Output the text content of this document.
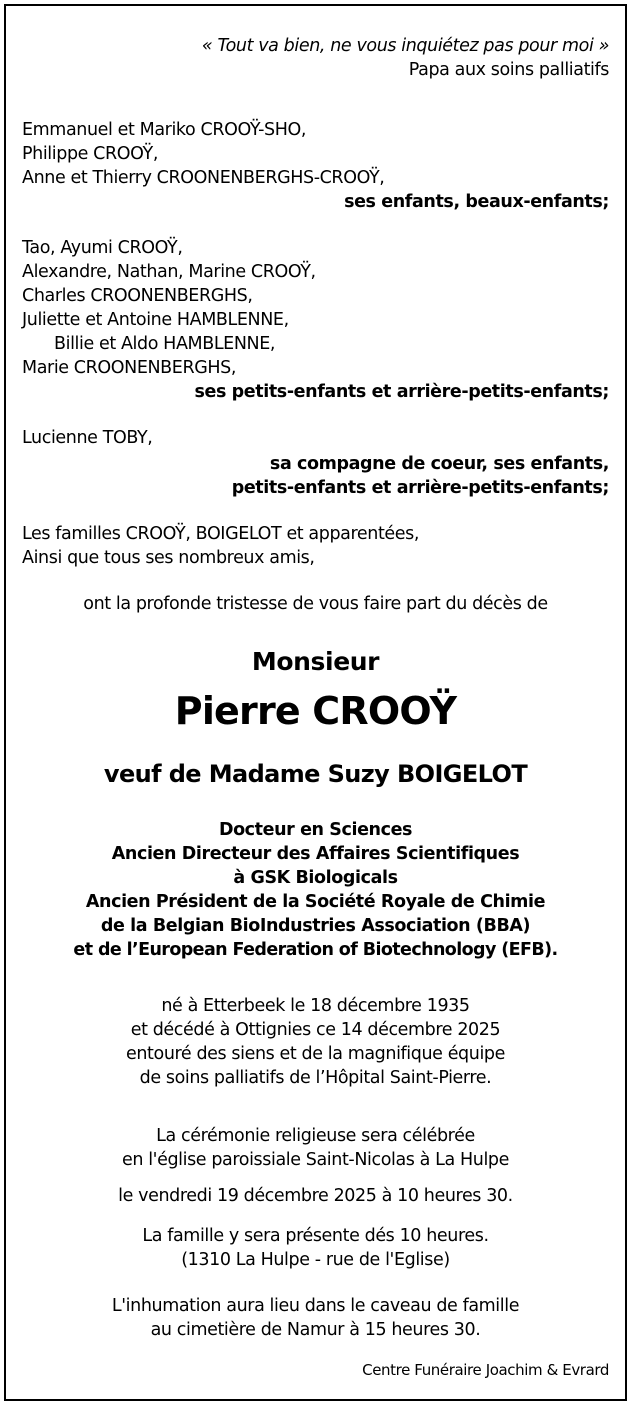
« Tout va bien, ne vous inquiétez pas pour moi »
Papa aux soins palliatifs
Emmanuel et Mariko CROOŸ-SHO,
Philippe CROOŸ,
Anne et Thierry CROONENBERGHS-CROOŸ,
ses enfants, beaux-enfants;
Tao, Ayumi CROOŸ,
Alexandre, Nathan, Marine CROOŸ,
Charles CROONENBERGHS,
Juliette et Antoine HAMBLENNE,
Billie et Aldo HAMBLENNE,
Marie CROONENBERGHS,
ses petits-enfants et arrière-petits-enfants;
Lucienne TOBY,
sa compagne de coeur, ses enfants,
petits-enfants et arrière-petits-enfants;
Les familles CROOŸ, BOIGELOT et apparentées,
Ainsi que tous ses nombreux amis,
ont la profonde tristesse de vous faire part du décès de
Monsieur
Pierre CROOŸ
veuf de Madame Suzy BOIGELOT
Docteur en Sciences
Ancien Directeur des Affaires Scientifiques
à GSK Biologicals
Ancien Président de la Société Royale de Chimie
de la Belgian BioIndustries Association (BBA)
et de l’European Federation of Biotechnology (EFB).
né à Etterbeek le 18 décembre 1935
et décédé à Ottignies ce 14 décembre 2025
entouré des siens et de la magnifique équipe
de soins palliatifs de l’Hôpital Saint-Pierre.
La cérémonie religieuse sera célébrée
en l'église paroissiale Saint-Nicolas à La Hulpe
le vendredi 19 décembre 2025 à 10 heures 30.
La famille y sera présente dés 10 heures.
(1310 La Hulpe - rue de l'Eglise)
L'inhumation aura lieu dans le caveau de famille
au cimetière de Namur à 15 heures 30.
Centre Funéraire Joachim & Evrard
